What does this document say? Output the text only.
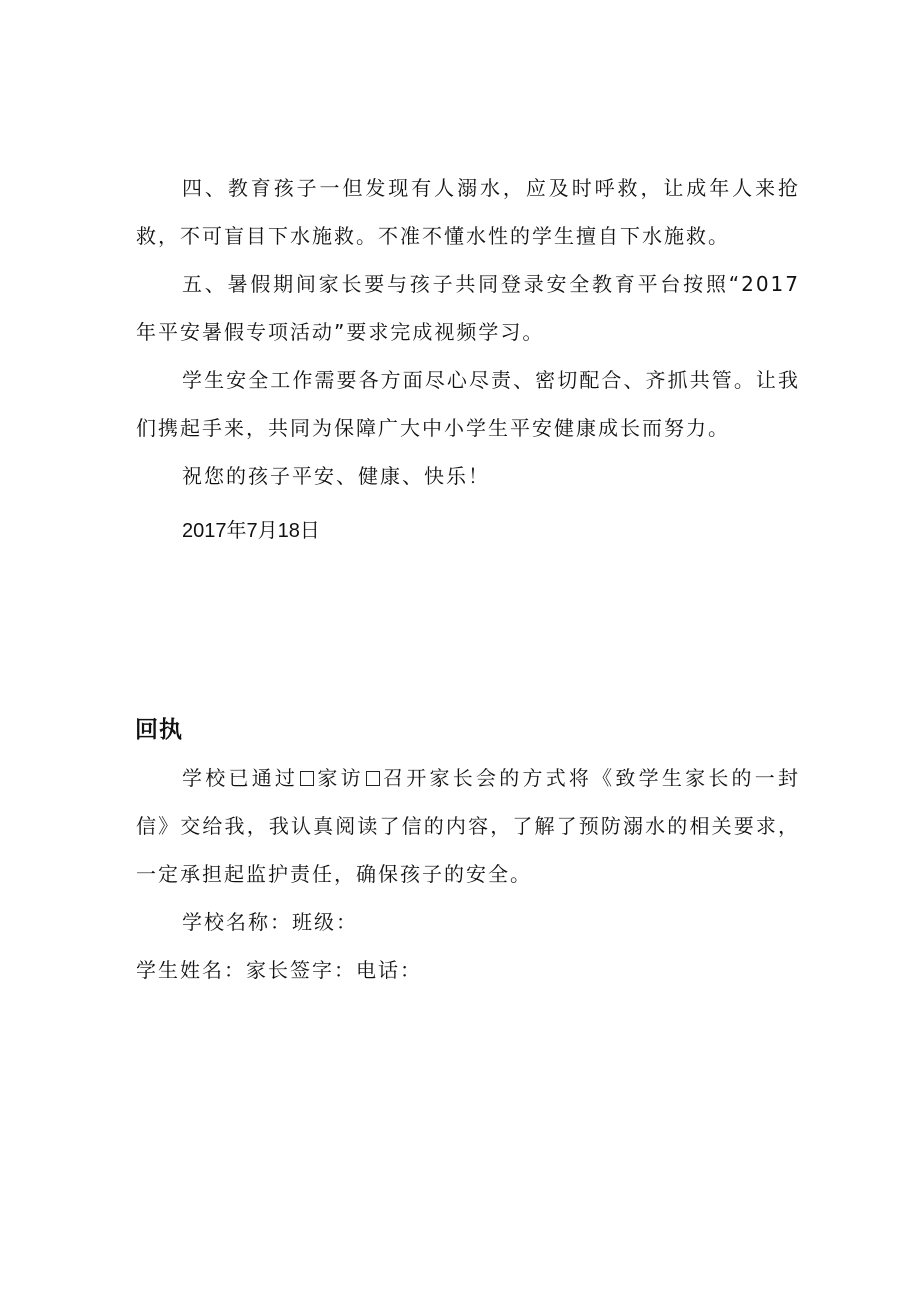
四、教育孩子一但发现有人溺水，应及时呼救，让成年人来抢救，不可盲目下水施救。不准不懂水性的学生擅自下水施救。

五、暑假期间家长要与孩子共同登录安全教育平台按照“2017年平安暑假专项活动”要求完成视频学习。

学生安全工作需要各方面尽心尽责、密切配合、齐抓共管。让我们携起手来，共同为保障广大中小学生平安健康成长而努力。

祝您的孩子平安、健康、快乐！

2017年7月18日

回执

学校已通过 家访 召开家长会的方式将《致学生家长的一封信》交给我，我认真阅读了信的内容，了解了预防溺水的相关要求，一定承担起监护责任，确保孩子的安全。

学校名称：班级：

学生姓名：家长签字：电话：
